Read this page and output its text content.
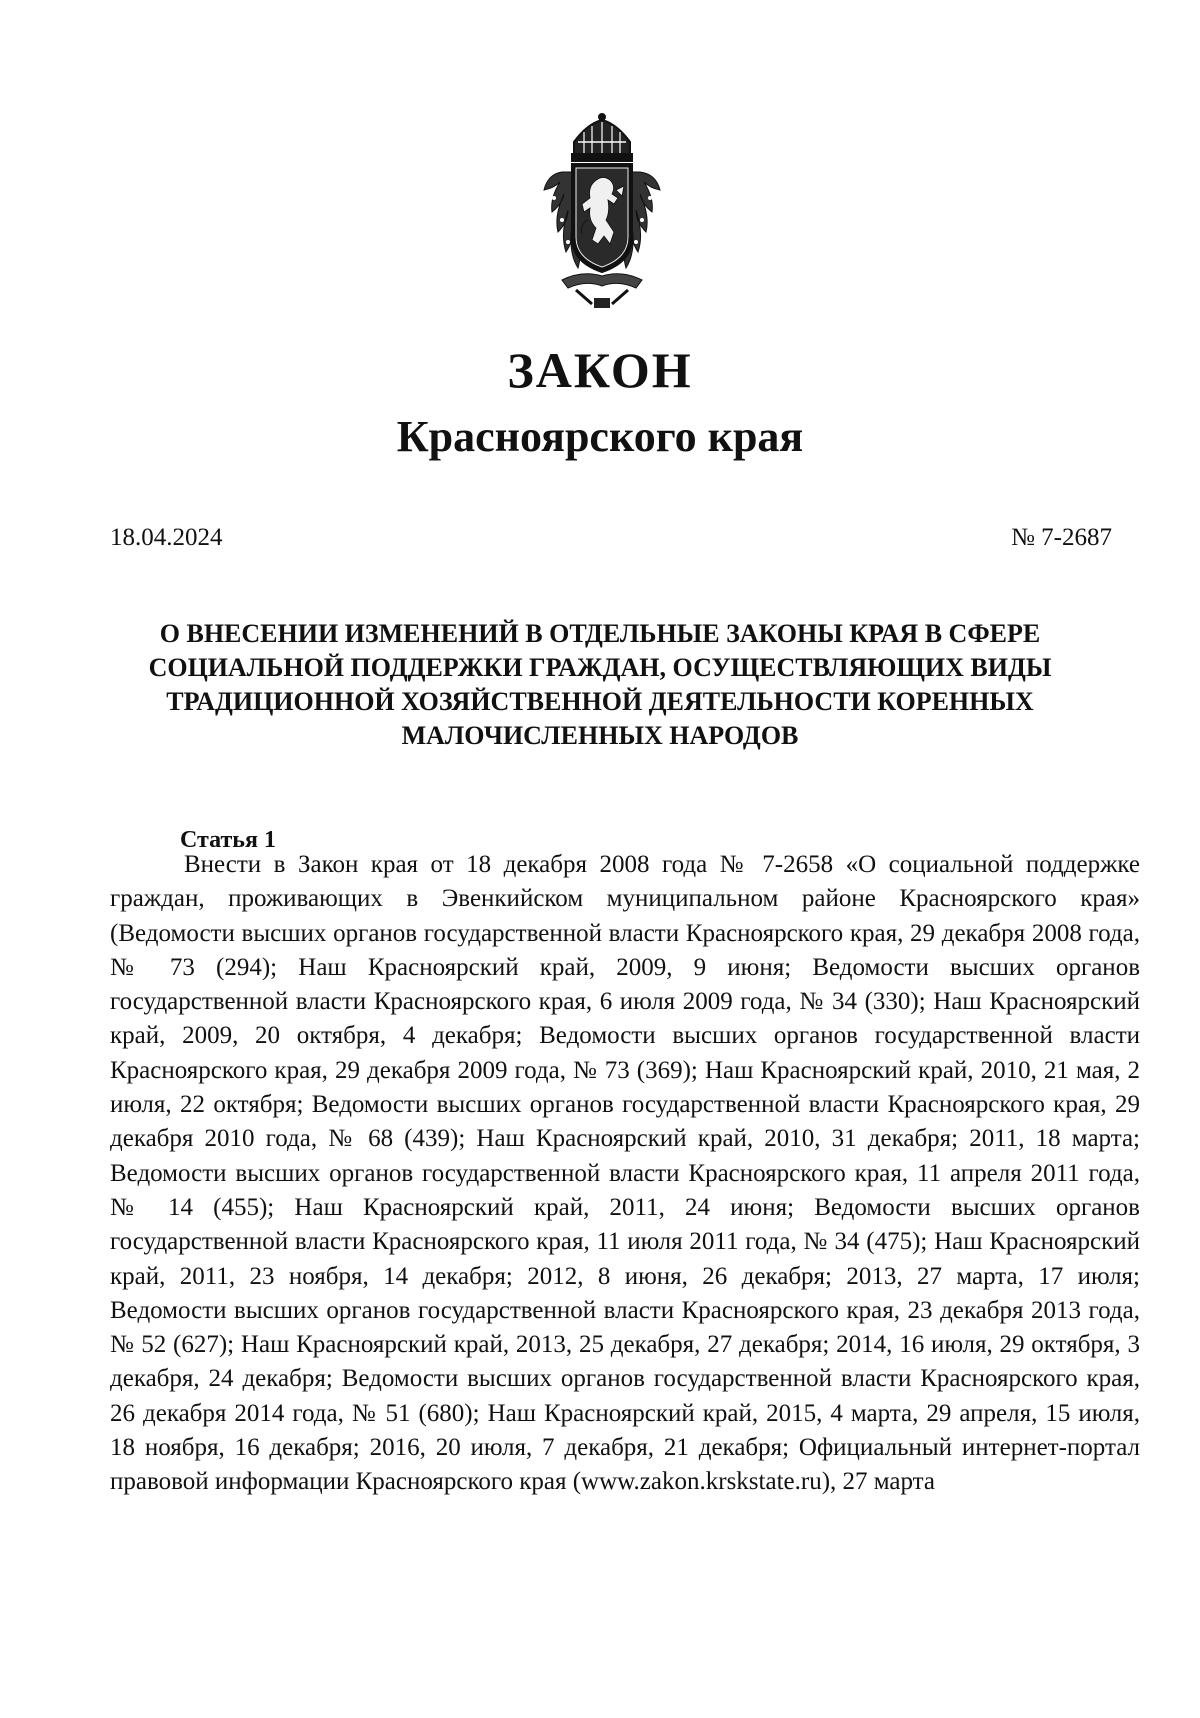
ЗАКОН
Красноярского края
18.04.2024	№ 7-2687
О ВНЕСЕНИИ ИЗМЕНЕНИЙ В ОТДЕЛЬНЫЕ ЗАКОНЫ КРАЯ В СФЕРЕ
СОЦИАЛЬНОЙ ПОДДЕРЖКИ ГРАЖДАН, ОСУЩЕСТВЛЯЮЩИХ ВИДЫ
ТРАДИЦИОННОЙ ХОЗЯЙСТВЕННОЙ ДЕЯТЕЛЬНОСТИ КОРЕННЫХ
МАЛОЧИСЛЕННЫХ НАРОДОВ
Статья 1

Внести в Закон края от 18 декабря 2008 года № 7-2658 «О социальной поддержке граждан, проживающих в Эвенкийском муниципальном районе Красноярского края» (Ведомости высших органов государственной власти Красноярского края, 29 декабря 2008 года, № 73 (294); Наш Красноярский край, 2009, 9 июня; Ведомости высших органов государственной власти Красноярского края, 6 июля 2009 года, № 34 (330); Наш Красноярский край, 2009, 20 октября, 4 декабря; Ведомости высших органов государственной власти Красноярского края, 29 декабря 2009 года, № 73 (369); Наш Красноярский край, 2010, 21 мая, 2 июля, 22 октября; Ведомости высших органов государственной власти Красноярского края, 29 декабря 2010 года, № 68 (439); Наш Красноярский край, 2010, 31 декабря; 2011, 18 марта; Ведомости высших органов государственной власти Красноярского края, 11 апреля 2011 года, № 14 (455); Наш Красноярский край, 2011, 24 июня; Ведомости высших органов государственной власти Красноярского края, 11 июля 2011 года, № 34 (475); Наш Красноярский край, 2011, 23 ноября, 14 декабря; 2012, 8 июня, 26 декабря; 2013, 27 марта, 17 июля; Ведомости высших органов государственной власти Красноярского края, 23 декабря 2013 года, № 52 (627); Наш Красноярский край, 2013, 25 декабря, 27 декабря; 2014, 16 июля, 29 октября, 3 декабря, 24 декабря; Ведомости высших органов государственной власти Красноярского края, 26 декабря 2014 года, № 51 (680); Наш Красноярский край, 2015, 4 марта, 29 апреля, 15 июля, 18 ноября, 16 декабря; 2016, 20 июля, 7 декабря, 21 декабря; Официальный интернет-портал правовой информации Красноярского края (www.zakon.krskstate.ru), 27 марта
